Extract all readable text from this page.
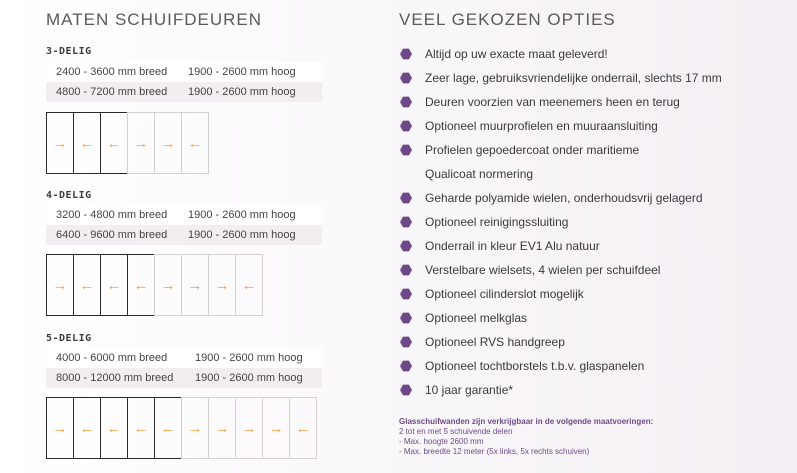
MATEN SCHUIFDEUREN
3-DELIG
2400 - 3600 mm breed	1900 - 2600 mm hoog
4800 - 7200 mm breed	1900 - 2600 mm hoog
→ ← ← → → ←
4-DELIG
3200 - 4800 mm breed	1900 - 2600 mm hoog
6400 - 9600 mm breed	1900 - 2600 mm hoog
→ ← ← ← → → → ←
5-DELIG
4000 - 6000 mm breed	1900 - 2600 mm hoog
8000 - 12000 mm breed	1900 - 2600 mm hoog
→ ← ← ← ← → → → → ←
VEEL GEKOZEN OPTIES
Altijd op uw exacte maat geleverd!
Zeer lage, gebruiksvriendelijke onderrail, slechts 17 mm
Deuren voorzien van meenemers heen en terug
Optioneel muurprofielen en muuraansluiting
Profielen gepoedercoat onder maritieme
Qualicoat normering
Geharde polyamide wielen, onderhoudsvrij gelagerd
Optioneel reinigingssluiting
Onderrail in kleur EV1 Alu natuur
Verstelbare wielsets, 4 wielen per schuifdeel
Optioneel cilinderslot mogelijk
Optioneel melkglas
Optioneel RVS handgreep
Optioneel tochtborstels t.b.v. glaspanelen
10 jaar garantie*
Glasschuifwanden zijn verkrijgbaar in de volgende maatvoeringen:
2 tot en met 5 schuivende delen
- Max. hoogte 2600 mm
- Max. breedte 12 meter (5x links, 5x rechts schuiven)
